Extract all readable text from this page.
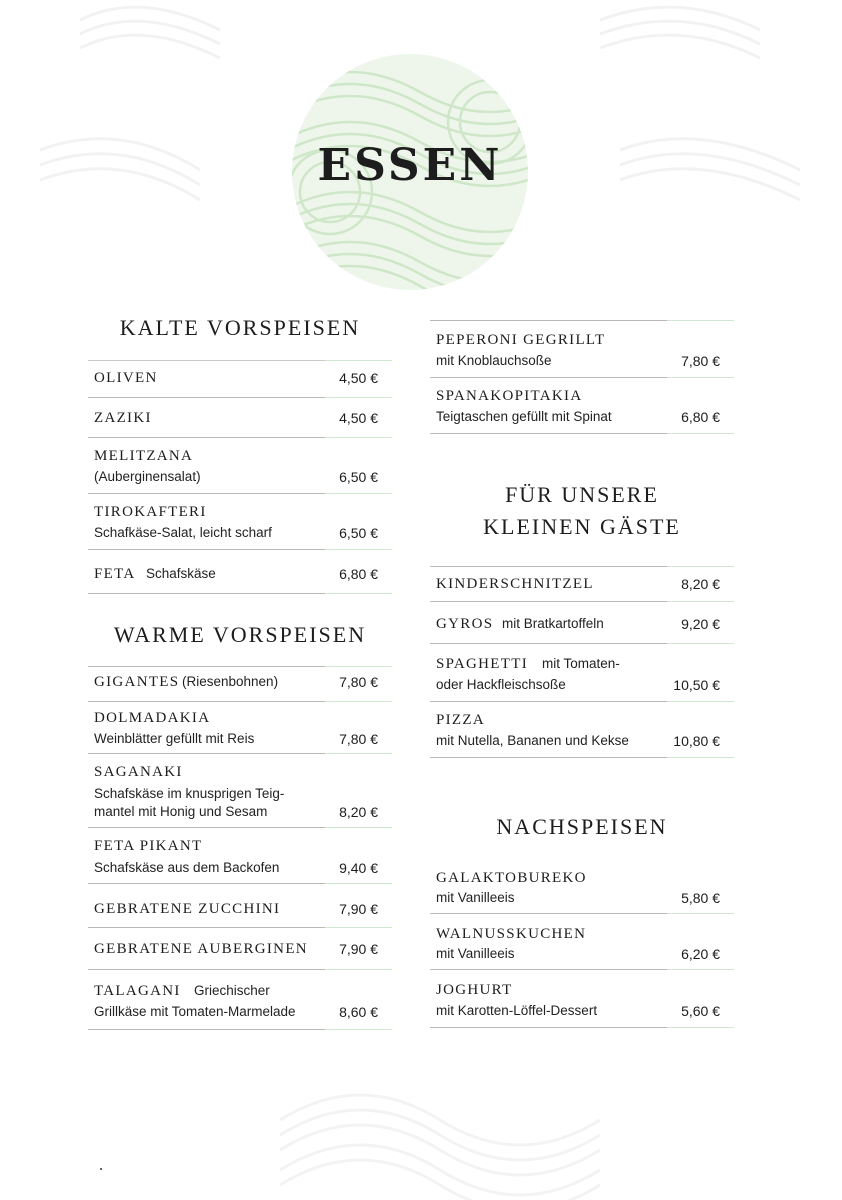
ESSEN
KALTE VORSPEISEN
OLIVEN	4,50 €
ZAZIKI	4,50 €
MELITZANA
(Auberginensalat)	6,50 €
TIROKAFTERI
Schafkäse-Salat, leicht scharf	6,50 €
FETA Schafskäse	6,80 €
WARME VORSPEISEN
GIGANTES (Riesenbohnen)	7,80 €
DOLMADAKIA
Weinblätter gefüllt mit Reis	7,80 €
SAGANAKI
Schafskäse im knusprigen Teig-
mantel mit Honig und Sesam	8,20 €
FETA PIKANT
Schafskäse aus dem Backofen	9,40 €
GEBRATENE ZUCCHINI	7,90 €
GEBRATENE AUBERGINEN 7,90 €
TALAGANI Griechischer
Grillkäse mit Tomaten-Marmelade	8,60 €
PEPERONI GEGRILLT
mit Knoblauchsoße	7,80 €
SPANAKOPITAKIA
Teigtaschen gefüllt mit Spinat	6,80 €
FÜR UNSERE
KLEINEN GÄSTE
KINDERSCHNITZEL	8,20 €
GYROS mit Bratkartoffeln	9,20 €
SPAGHETTI mit Tomaten-
oder Hackfleischsoße	10,50 €
PIZZA
mit Nutella, Bananen und Kekse	10,80 €
NACHSPEISEN
GALAKTOBUREKO
mit Vanilleeis	5,80 €
WALNUSSKUCHEN
mit Vanilleeis	6,20 €
JOGHURT
mit Karotten-Löffel-Dessert	5,60 €
